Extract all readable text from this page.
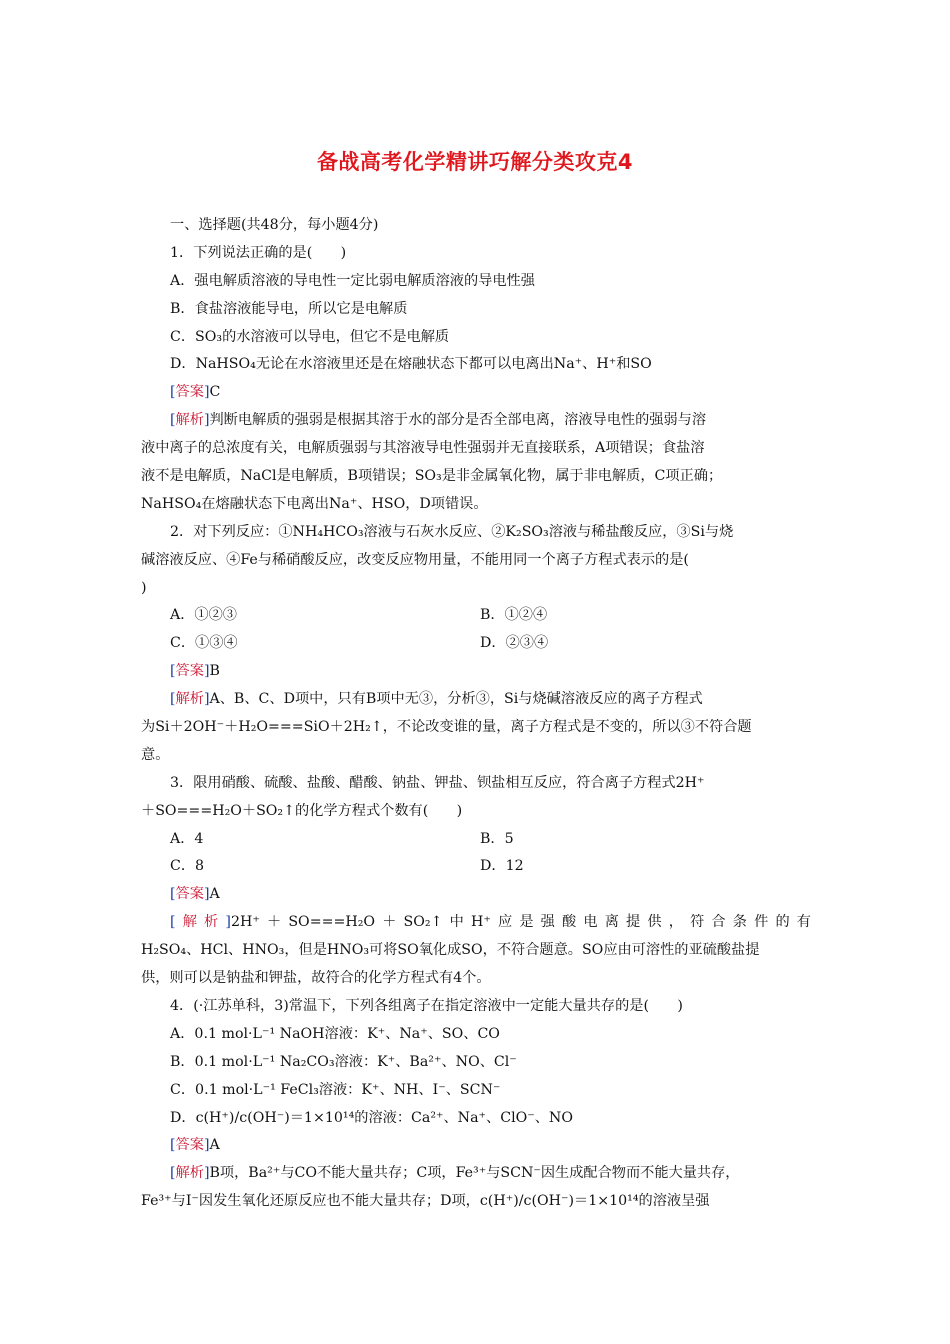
备战高考化学精讲巧解分类攻克4
一、选择题(共48分，每小题4分)
1．下列说法正确的是(　　)
A．强电解质溶液的导电性一定比弱电解质溶液的导电性强
B．食盐溶液能导电，所以它是电解质
C．SO₃的水溶液可以导电，但它不是电解质
D．NaHSO₄无论在水溶液里还是在熔融状态下都可以电离出Na⁺、H⁺和SO
[答案]C
[解析]判断电解质的强弱是根据其溶于水的部分是否全部电离，溶液导电性的强弱与溶
液中离子的总浓度有关，电解质强弱与其溶液导电性强弱并无直接联系，A项错误；食盐溶
液不是电解质，NaCl是电解质，B项错误；SO₃是非金属氧化物，属于非电解质，C项正确；
NaHSO₄在熔融状态下电离出Na⁺、HSO，D项错误。
2．对下列反应：①NH₄HCO₃溶液与石灰水反应、②K₂SO₃溶液与稀盐酸反应，③Si与烧
碱溶液反应、④Fe与稀硝酸反应，改变反应物用量，不能用同一个离子方程式表示的是(
)
A．①②③	B．①②④
C．①③④	D．②③④
[答案]B
[解析]A、B、C、D项中，只有B项中无③，分析③，Si与烧碱溶液反应的离子方程式
为Si＋2OH⁻＋H₂O===SiO＋2H₂↑，不论改变谁的量，离子方程式是不变的，所以③不符合题
意。
3．限用硝酸、硫酸、盐酸、醋酸、钠盐、钾盐、钡盐相互反应，符合离子方程式2H⁺
＋SO===H₂O＋SO₂↑的化学方程式个数有(　　)
A．4	B．5
C．8	D．12
[答案]A
[解析]2H⁺＋SO===H₂O＋SO₂↑中H⁺应是强酸电离提供，符合条件的有
H₂SO₄、HCl、HNO₃，但是HNO₃可将SO氧化成SO，不符合题意。SO应由可溶性的亚硫酸盐提
供，则可以是钠盐和钾盐，故符合的化学方程式有4个。
4．(·江苏单科，3)常温下，下列各组离子在指定溶液中一定能大量共存的是(　　)
A．0.1 mol·L⁻¹ NaOH溶液：K⁺、Na⁺、SO、CO
B．0.1 mol·L⁻¹ Na₂CO₃溶液：K⁺、Ba²⁺、NO、Cl⁻
C．0.1 mol·L⁻¹ FeCl₃溶液：K⁺、NH、I⁻、SCN⁻
D．c(H⁺)/c(OH⁻)＝1×10¹⁴的溶液：Ca²⁺、Na⁺、ClO⁻、NO
[答案]A
[解析]B项，Ba²⁺与CO不能大量共存；C项，Fe³⁺与SCN⁻因生成配合物而不能大量共存，
Fe³⁺与I⁻因发生氧化还原反应也不能大量共存；D项，c(H⁺)/c(OH⁻)＝1×10¹⁴的溶液呈强
